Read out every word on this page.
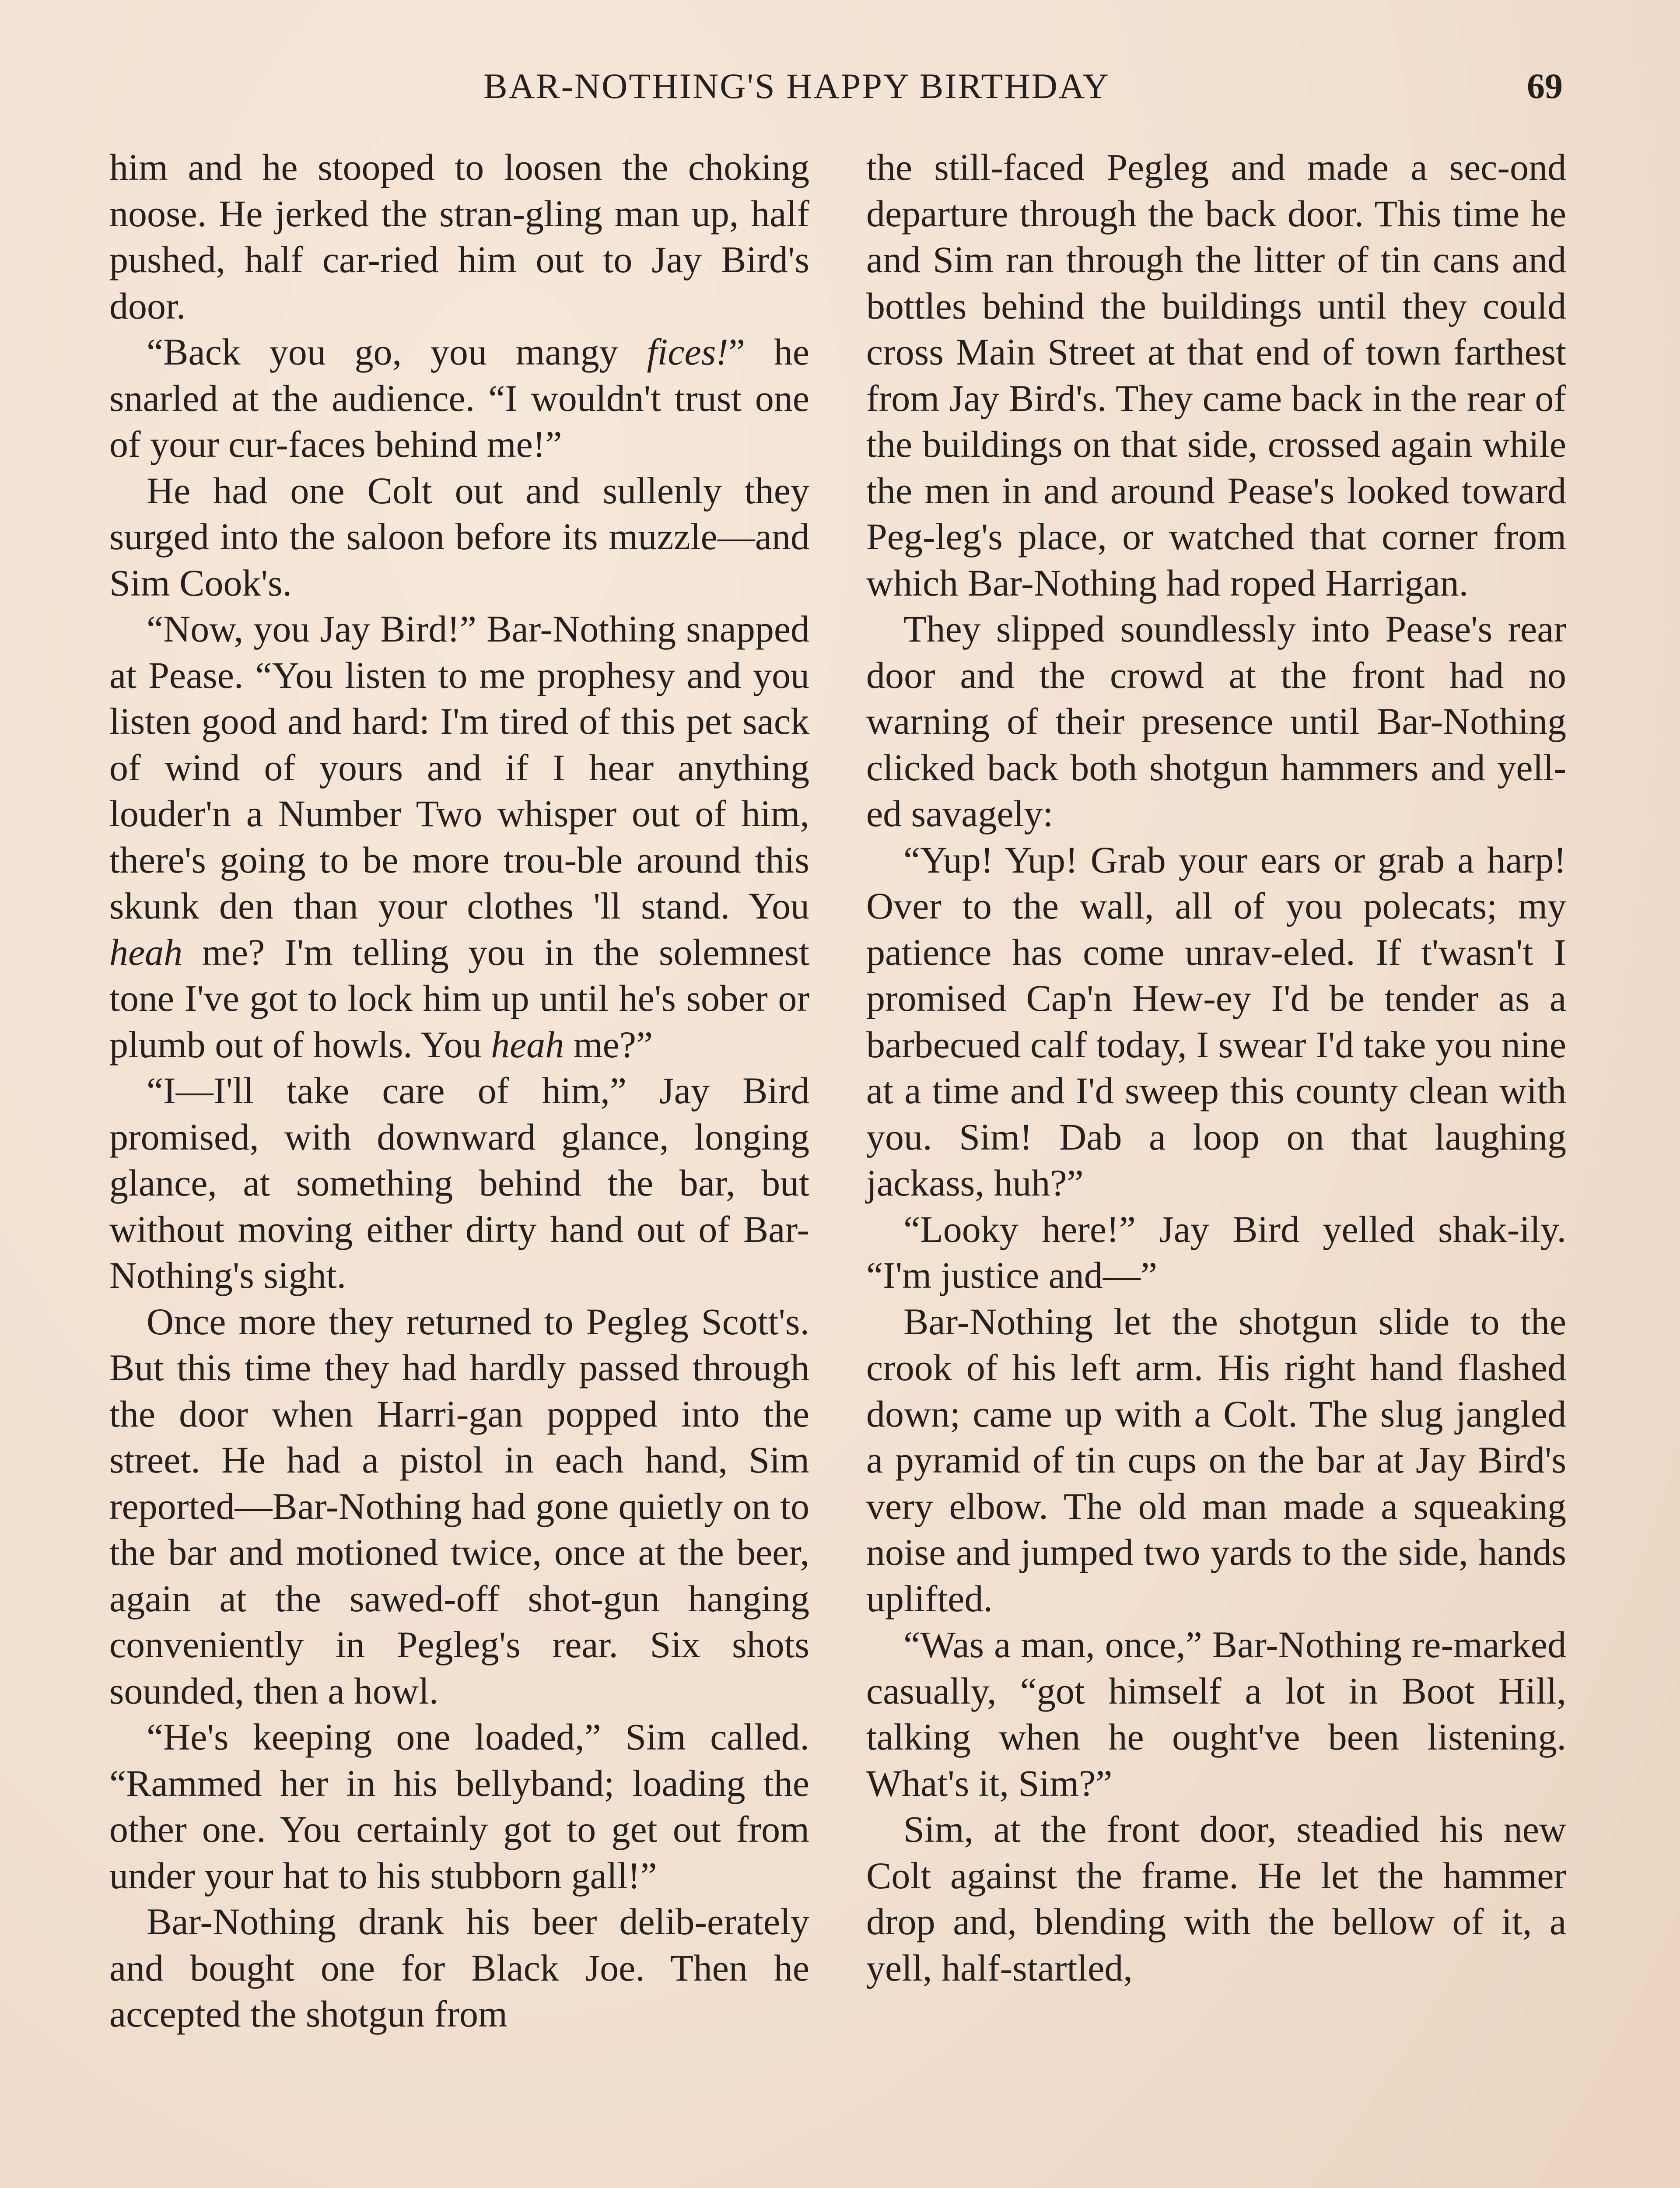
BAR-NOTHING'S HAPPY BIRTHDAY	69

him and he stooped to loosen the choking noose. He jerked the stran-gling man up, half pushed, half car-ried him out to Jay Bird's door.

“Back you go, you mangy fices!” he snarled at the audience. “I wouldn't trust one of your cur-faces behind me!”

He had one Colt out and sullenly they surged into the saloon before its muzzle—and Sim Cook's.

“Now, you Jay Bird!” Bar-Nothing snapped at Pease. “You listen to me prophesy and you listen good and hard: I'm tired of this pet sack of wind of yours and if I hear anything louder'n a Number Two whisper out of him, there's going to be more trou-ble around this skunk den than your clothes 'll stand. You heah me? I'm telling you in the solemnest tone I've got to lock him up until he's sober or plumb out of howls. You heah me?”

“I—I'll take care of him,” Jay Bird promised, with downward glance, longing glance, at something behind the bar, but without moving either dirty hand out of Bar-Nothing's sight.

Once more they returned to Pegleg Scott's. But this time they had hardly passed through the door when Harri-gan popped into the street. He had a pistol in each hand, Sim reported—Bar-Nothing had gone quietly on to the bar and motioned twice, once at the beer, again at the sawed-off shot-gun hanging conveniently in Pegleg's rear. Six shots sounded, then a howl.

“He's keeping one loaded,” Sim called. “Rammed her in his bellyband; loading the other one. You certainly got to get out from under your hat to his stubborn gall!”

Bar-Nothing drank his beer delib-erately and bought one for Black Joe. Then he accepted the shotgun from

the still-faced Pegleg and made a sec-ond departure through the back door. This time he and Sim ran through the litter of tin cans and bottles behind the buildings until they could cross Main Street at that end of town farthest from Jay Bird's. They came back in the rear of the buildings on that side, crossed again while the men in and around Pease's looked toward Peg-leg's place, or watched that corner from which Bar-Nothing had roped Harrigan.

They slipped soundlessly into Pease's rear door and the crowd at the front had no warning of their presence until Bar-Nothing clicked back both shotgun hammers and yell-ed savagely:

“Yup! Yup! Grab your ears or grab a harp! Over to the wall, all of you polecats; my patience has come unrav-eled. If t'wasn't I promised Cap'n Hew-ey I'd be tender as a barbecued calf today, I swear I'd take you nine at a time and I'd sweep this county clean with you. Sim! Dab a loop on that laughing jackass, huh?”

“Looky here!” Jay Bird yelled shak-ily. “I'm justice and—”

Bar-Nothing let the shotgun slide to the crook of his left arm. His right hand flashed down; came up with a Colt. The slug jangled a pyramid of tin cups on the bar at Jay Bird's very elbow. The old man made a squeaking noise and jumped two yards to the side, hands uplifted.

“Was a man, once,” Bar-Nothing re-marked casually, “got himself a lot in Boot Hill, talking when he ought've been listening. What's it, Sim?”

Sim, at the front door, steadied his new Colt against the frame. He let the hammer drop and, blending with the bellow of it, a yell, half-startled,
